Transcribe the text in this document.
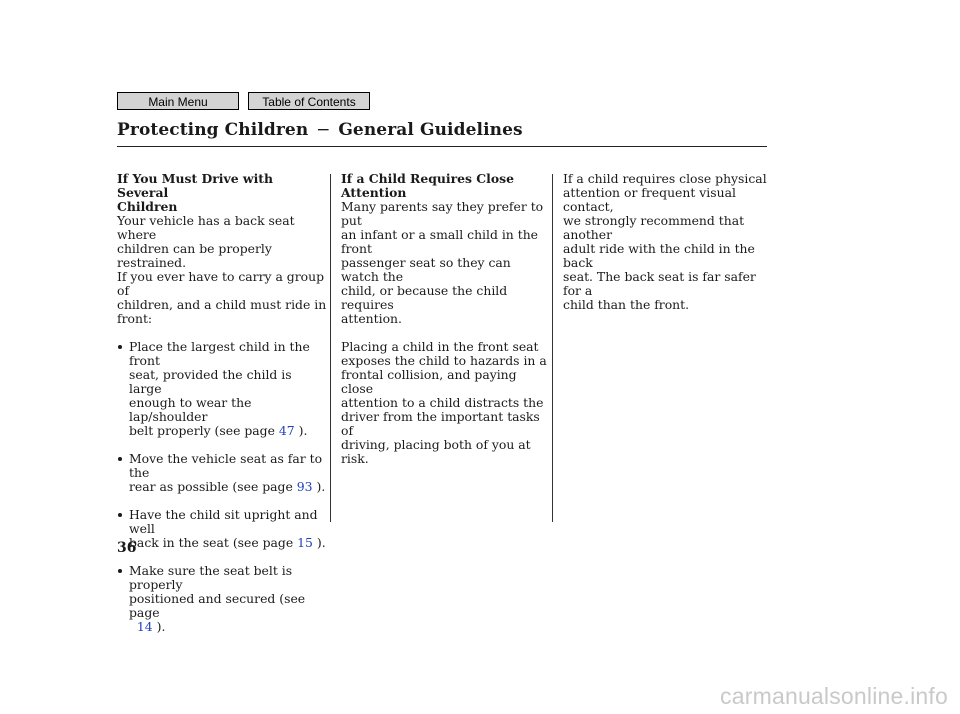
Main Menu	Table of Contents
Protecting Children − General Guidelines

If You Must Drive with Several
Children

Your vehicle has a back seat where
children can be properly restrained.
If you ever have to carry a group of
children, and a child must ride in
front:

Place the largest child in the front
seat, provided the child is large
enough to wear the lap/shoulder
belt properly (see page 47 ).

Move the vehicle seat as far to the
rear as possible (see page 93 ).

Have the child sit upright and well
back in the seat (see page 15 ).

Make sure the seat belt is properly
positioned and secured (see page
14 ).

If a Child Requires Close
Attention

Many parents say they prefer to put
an infant or a small child in the front
passenger seat so they can watch the
child, or because the child requires
attention.

Placing a child in the front seat
exposes the child to hazards in a
frontal collision, and paying close
attention to a child distracts the
driver from the important tasks of
driving, placing both of you at risk.

If a child requires close physical
attention or frequent visual contact,
we strongly recommend that another
adult ride with the child in the back
seat. The back seat is far safer for a
child than the front.

36
carmanualsonline.info
